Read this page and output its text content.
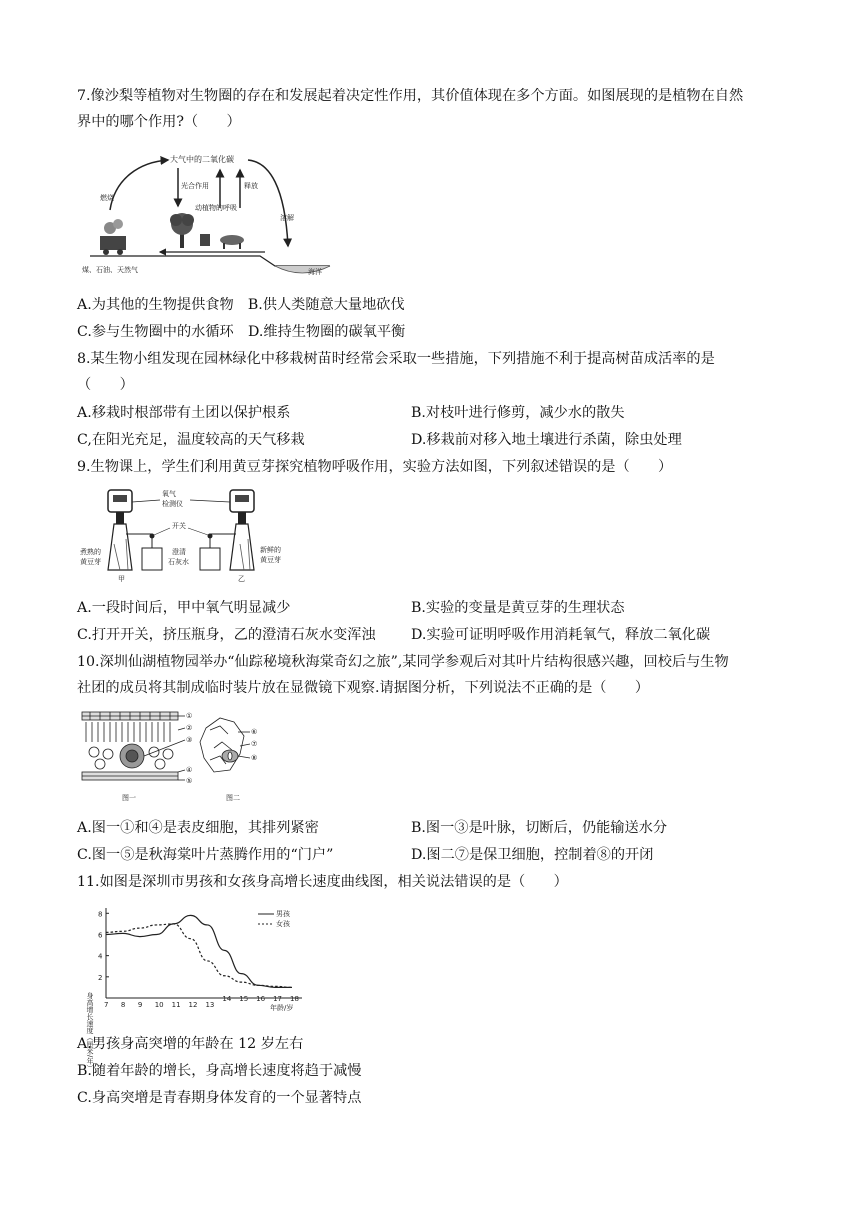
7.像沙梨等植物对生物圈的存在和发展起着决定性作用，其价值体现在多个方面。如图展现的是植物在自然
界中的哪个作用?（　　）
大气中的二氧化碳
燃烧
溶解
光合作用	释放
动植物的呼吸
海洋
煤、石油、天然气
A.为其他的生物提供食物　 B.供人类随意大量地砍伐
C.参与生物圈中的水循环　 D.维持生物圈的碳氧平衡
8.某生物小组发现在园林绿化中移栽树苗时经常会采取一些措施，下列措施不利于提高树苗成活率的是
（　　）
A.移栽时根部带有土团以保护根系	B.对枝叶进行修剪，减少水的散失
C,在阳光充足，温度较高的天气移栽	D.移栽前对移入地土壤进行杀菌，除虫处理
9.生物课上，学生们利用黄豆芽探究植物呼吸作用，实验方法如图，下列叙述错误的是（　　）
氧气
检测仪
开关
煮熟的
黄豆芽
澄清
石灰水
新鲜的
黄豆芽
甲	乙
A.一段时间后，甲中氧气明显减少	B.实验的变量是黄豆芽的生理状态
C.打开开关，挤压瓶身，乙的澄清石灰水变浑浊 D.实验可证明呼吸作用消耗氧气，释放二氧化碳
10.深圳仙湖植物园举办“仙踪秘境秋海棠奇幻之旅”,某同学参观后对其叶片结构很感兴趣，回校后与生物
社团的成员将其制成临时装片放在显微镜下观察.请据图分析，下列说法不正确的是（　　）
①
②
③
④
⑤
图一
⑥
⑦
⑧
图二
A.图一①和④是表皮细胞，其排列紧密	B.图一③是叶脉，切断后，仍能输送水分
C.图一⑤是秋海棠叶片蒸腾作用的“门户”	D.图二⑦是保卫细胞，控制着⑧的开闭
11.如图是深圳市男孩和女孩身高增长速度曲线图，相关说法错误的是（　　）
身高增长速度（厘米/年）	年龄/岁
7 8 9 10 11 12 13
14 15 16 17 18
2
4
6
8	男孩
女孩
A.男孩身高突增的年龄在 12 岁左右
B.随着年龄的增长，身高增长速度将趋于减慢
C.身高突增是青春期身体发育的一个显著特点
